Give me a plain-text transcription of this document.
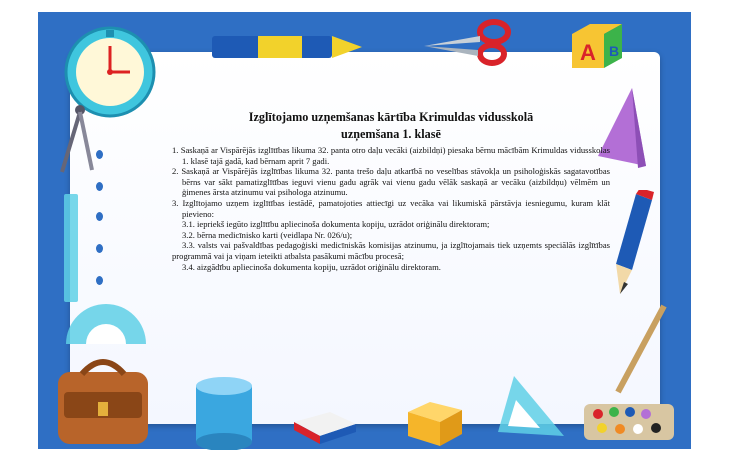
A B

Izglītojamo uzņemšanas kārtība Krimuldas vidusskolā

uzņemšana 1. klasē

1. Saskaņā ar Vispārējās izglītības likuma 32. panta otro daļu vecāki (aizbildņi) piesaka bērnu mācībām Krimuldas vidusskolas 1. klasē tajā gadā, kad bērnam aprit 7 gadi.

2. Saskaņā ar Vispārējās izglītības likuma 32. panta trešo daļu atkarībā no veselības stāvokļa un psiholoģiskās sagatavotības bērns var sākt pamatizglītības ieguvi vienu gadu agrāk vai vienu gadu vēlāk saskaņā ar vecāku (aizbildņu) vēlmēm un ģimenes ārsta atzinumu vai psihologa atzinumu.

3. Izglītojamo uzņem izglītības iestādē, pamatojoties attiecīgi uz vecāka vai likumiskā pārstāvja iesniegumu, kuram klāt pievieno:

3.1. iepriekš iegūto izglītību apliecinoša dokumenta kopiju, uzrādot oriģinālu direktoram;

3.2. bērna medicīnisko karti (veidlapa Nr. 026/u);

3.3. valsts vai pašvaldības pedagoģiski medicīniskās komisijas atzinumu, ja izglītojamais tiek uzņemts speciālās izglītības programmā vai ja viņam ieteikti atbalsta pasākumi mācību procesā;

3.4. aizgādību apliecinoša dokumenta kopiju, uzrādot oriģinālu direktoram.
